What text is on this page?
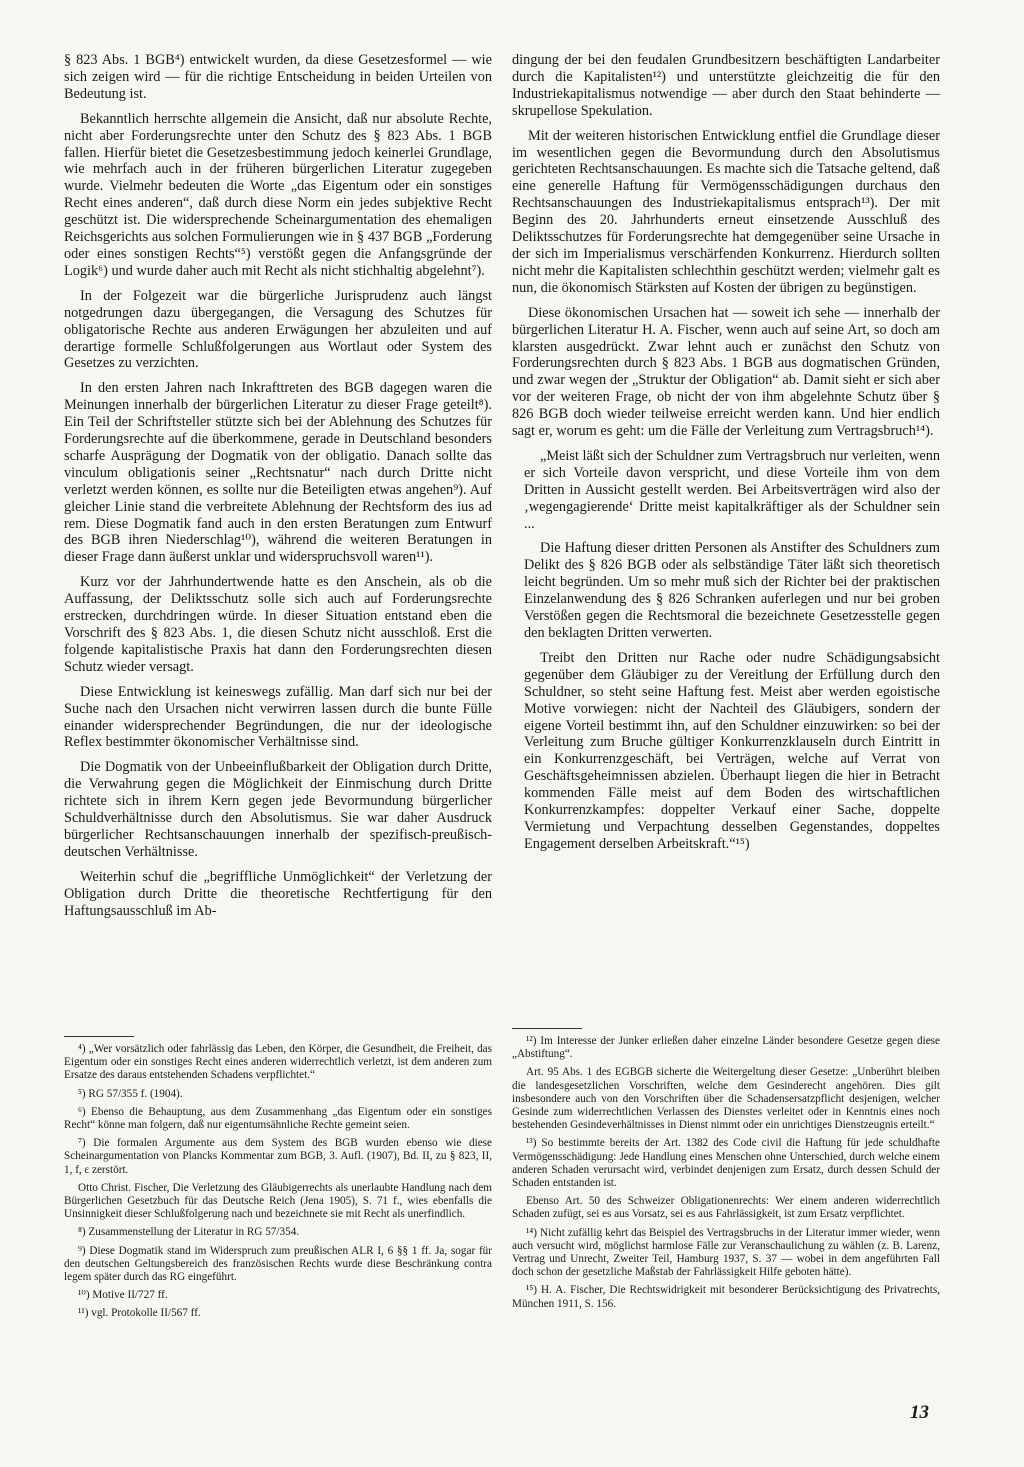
§ 823 Abs. 1 BGB⁴) entwickelt wurden, da diese Gesetzesformel — wie sich zeigen wird — für die richtige Entscheidung in beiden Urteilen von Bedeutung ist.

Bekanntlich herrschte allgemein die Ansicht, daß nur absolute Rechte, nicht aber Forderungsrechte unter den Schutz des § 823 Abs. 1 BGB fallen. Hierfür bietet die Gesetzesbestimmung jedoch keinerlei Grundlage, wie mehrfach auch in der früheren bürgerlichen Literatur zugegeben wurde. Vielmehr bedeuten die Worte „das Eigentum oder ein sonstiges Recht eines anderen“, daß durch diese Norm ein jedes subjektive Recht geschützt ist. Die widersprechende Scheinargumentation des ehemaligen Reichsgerichts aus solchen Formulierungen wie in § 437 BGB „Forderung oder eines sonstigen Rechts“⁵) verstößt gegen die Anfangsgründe der Logik⁶) und wurde daher auch mit Recht als nicht stichhaltig abgelehnt⁷).

In der Folgezeit war die bürgerliche Jurisprudenz auch längst notgedrungen dazu übergegangen, die Versagung des Schutzes für obligatorische Rechte aus anderen Erwägungen her abzuleiten und auf derartige formelle Schlußfolgerungen aus Wortlaut oder System des Gesetzes zu verzichten.

In den ersten Jahren nach Inkrafttreten des BGB dagegen waren die Meinungen innerhalb der bürgerlichen Literatur zu dieser Frage geteilt⁸). Ein Teil der Schriftsteller stützte sich bei der Ablehnung des Schutzes für Forderungsrechte auf die überkommene, gerade in Deutschland besonders scharfe Ausprägung der Dogmatik von der obligatio. Danach sollte das vinculum obligationis seiner „Rechtsnatur“ nach durch Dritte nicht verletzt werden können, es sollte nur die Beteiligten etwas angehen⁹). Auf gleicher Linie stand die verbreitete Ablehnung der Rechtsform des ius ad rem. Diese Dogmatik fand auch in den ersten Beratungen zum Entwurf des BGB ihren Niederschlag¹⁰), während die weiteren Beratungen in dieser Frage dann äußerst unklar und widerspruchsvoll waren¹¹).

Kurz vor der Jahrhundertwende hatte es den Anschein, als ob die Auffassung, der Deliktsschutz solle sich auch auf Forderungsrechte erstrecken, durchdringen würde. In dieser Situation entstand eben die Vorschrift des § 823 Abs. 1, die diesen Schutz nicht ausschloß. Erst die folgende kapitalistische Praxis hat dann den Forderungsrechten diesen Schutz wieder versagt.

Diese Entwicklung ist keineswegs zufällig. Man darf sich nur bei der Suche nach den Ursachen nicht verwirren lassen durch die bunte Fülle einander widersprechender Begründungen, die nur der ideologische Reflex bestimmter ökonomischer Verhältnisse sind.

Die Dogmatik von der Unbeeinflußbarkeit der Obligation durch Dritte, die Verwahrung gegen die Möglichkeit der Einmischung durch Dritte richtete sich in ihrem Kern gegen jede Bevormundung bürgerlicher Schuldverhältnisse durch den Absolutismus. Sie war daher Ausdruck bürgerlicher Rechtsanschauungen innerhalb der spezifisch-preußisch-deutschen Verhältnisse.

Weiterhin schuf die „begriffliche Unmöglichkeit“ der Verletzung der Obligation durch Dritte die theoretische Rechtfertigung für den Haftungsausschluß im Ab-

dingung der bei den feudalen Grundbesitzern beschäftigten Landarbeiter durch die Kapitalisten¹²) und unterstützte gleichzeitig die für den Industriekapitalismus notwendige — aber durch den Staat behinderte — skrupellose Spekulation.

Mit der weiteren historischen Entwicklung entfiel die Grundlage dieser im wesentlichen gegen die Bevormundung durch den Absolutismus gerichteten Rechtsanschauungen. Es machte sich die Tatsache geltend, daß eine generelle Haftung für Vermögensschädigungen durchaus den Rechtsanschauungen des Industriekapitalismus entsprach¹³). Der mit Beginn des 20. Jahrhunderts erneut einsetzende Ausschluß des Deliktsschutzes für Forderungsrechte hat demgegenüber seine Ursache in der sich im Imperialismus verschärfenden Konkurrenz. Hierdurch sollten nicht mehr die Kapitalisten schlechthin geschützt werden; vielmehr galt es nun, die ökonomisch Stärksten auf Kosten der übrigen zu begünstigen.

Diese ökonomischen Ursachen hat — soweit ich sehe — innerhalb der bürgerlichen Literatur H. A. Fischer, wenn auch auf seine Art, so doch am klarsten ausgedrückt. Zwar lehnt auch er zunächst den Schutz von Forderungsrechten durch § 823 Abs. 1 BGB aus dogmatischen Gründen, und zwar wegen der „Struktur der Obligation“ ab. Damit sieht er sich aber vor der weiteren Frage, ob nicht der von ihm abgelehnte Schutz über § 826 BGB doch wieder teilweise erreicht werden kann. Und hier endlich sagt er, worum es geht: um die Fälle der Verleitung zum Vertragsbruch¹⁴).

„Meist läßt sich der Schuldner zum Vertragsbruch nur verleiten, wenn er sich Vorteile davon verspricht, und diese Vorteile ihm von dem Dritten in Aussicht gestellt werden. Bei Arbeitsverträgen wird also der ‚wegengagierende‘ Dritte meist kapitalkräftiger als der Schuldner sein ...

Die Haftung dieser dritten Personen als Anstifter des Schuldners zum Delikt des § 826 BGB oder als selbständige Täter läßt sich theoretisch leicht begründen. Um so mehr muß sich der Richter bei der praktischen Einzelanwendung des § 826 Schranken auferlegen und nur bei groben Verstößen gegen die Rechtsmoral die bezeichnete Gesetzesstelle gegen den beklagten Dritten verwerten.

Treibt den Dritten nur Rache oder nudre Schädigungsabsicht gegenüber dem Gläubiger zu der Vereitlung der Erfüllung durch den Schuldner, so steht seine Haftung fest. Meist aber werden egoistische Motive vorwiegen: nicht der Nachteil des Gläubigers, sondern der eigene Vorteil bestimmt ihn, auf den Schuldner einzuwirken: so bei der Verleitung zum Bruche gültiger Konkurrenzklauseln durch Eintritt in ein Konkurrenzgeschäft, bei Verträgen, welche auf Verrat von Geschäftsgeheimnissen abzielen. Überhaupt liegen die hier in Betracht kommenden Fälle meist auf dem Boden des wirtschaftlichen Konkurrenzkampfes: doppelter Verkauf einer Sache, doppelte Vermietung und Verpachtung desselben Gegenstandes, doppeltes Engagement derselben Arbeitskraft.“¹⁵)

⁴) „Wer vorsätzlich oder fahrlässig das Leben, den Körper, die Gesundheit, die Freiheit, das Eigentum oder ein sonstiges Recht eines anderen widerrechtlich verletzt, ist dem anderen zum Ersatze des daraus entstehenden Schadens verpflichtet.“

⁵) RG 57/355 f. (1904).

⁶) Ebenso die Behauptung, aus dem Zusammenhang „das Eigentum oder ein sonstiges Recht“ könne man folgern, daß nur eigentumsähnliche Rechte gemeint seien.

⁷) Die formalen Argumente aus dem System des BGB wurden ebenso wie diese Scheinargumentation von Plancks Kommentar zum BGB, 3. Aufl. (1907), Bd. II, zu § 823, II, 1, f, ε zerstört.

Otto Christ. Fischer, Die Verletzung des Gläubigerrechts als unerlaubte Handlung nach dem Bürgerlichen Gesetzbuch für das Deutsche Reich (Jena 1905), S. 71 f., wies ebenfalls die Unsinnigkeit dieser Schlußfolgerung nach und bezeichnete sie mit Recht als unerfindlich.

⁸) Zusammenstellung der Literatur in RG 57/354.

⁹) Diese Dogmatik stand im Widerspruch zum preußischen ALR I, 6 §§ 1 ff. Ja, sogar für den deutschen Geltungsbereich des französischen Rechts wurde diese Beschränkung contra legem später durch das RG eingeführt.

¹⁰) Motive II/727 ff.

¹¹) vgl. Protokolle II/567 ff.

¹²) Im Interesse der Junker erließen daher einzelne Länder besondere Gesetze gegen diese „Abstiftung“.

Art. 95 Abs. 1 des EGBGB sicherte die Weitergeltung dieser Gesetze: „Unberührt bleiben die landesgesetzlichen Vorschriften, welche dem Gesinderecht angehören. Dies gilt insbesondere auch von den Vorschriften über die Schadensersatzpflicht desjenigen, welcher Gesinde zum widerrechtlichen Verlassen des Dienstes verleitet oder in Kenntnis eines noch bestehenden Gesindeverhältnisses in Dienst nimmt oder ein unrichtiges Dienstzeugnis erteilt.“

¹³) So bestimmte bereits der Art. 1382 des Code civil die Haftung für jede schuldhafte Vermögensschädigung: Jede Handlung eines Menschen ohne Unterschied, durch welche einem anderen Schaden verursacht wird, verbindet denjenigen zum Ersatz, durch dessen Schuld der Schaden entstanden ist.

Ebenso Art. 50 des Schweizer Obligationenrechts: Wer einem anderen widerrechtlich Schaden zufügt, sei es aus Vorsatz, sei es aus Fahrlässigkeit, ist zum Ersatz verpflichtet.

¹⁴) Nicht zufällig kehrt das Beispiel des Vertragsbruchs in der Literatur immer wieder, wenn auch versucht wird, möglichst harmlose Fälle zur Veranschaulichung zu wählen (z. B. Larenz, Vertrag und Unrecht, Zweiter Teil, Hamburg 1937, S. 37 — wobei in dem angeführten Fall doch schon der gesetzliche Maßstab der Fahrlässigkeit Hilfe geboten hätte).

¹⁵) H. A. Fischer, Die Rechtswidrigkeit mit besonderer Berücksichtigung des Privatrechts, München 1911, S. 156.

13
